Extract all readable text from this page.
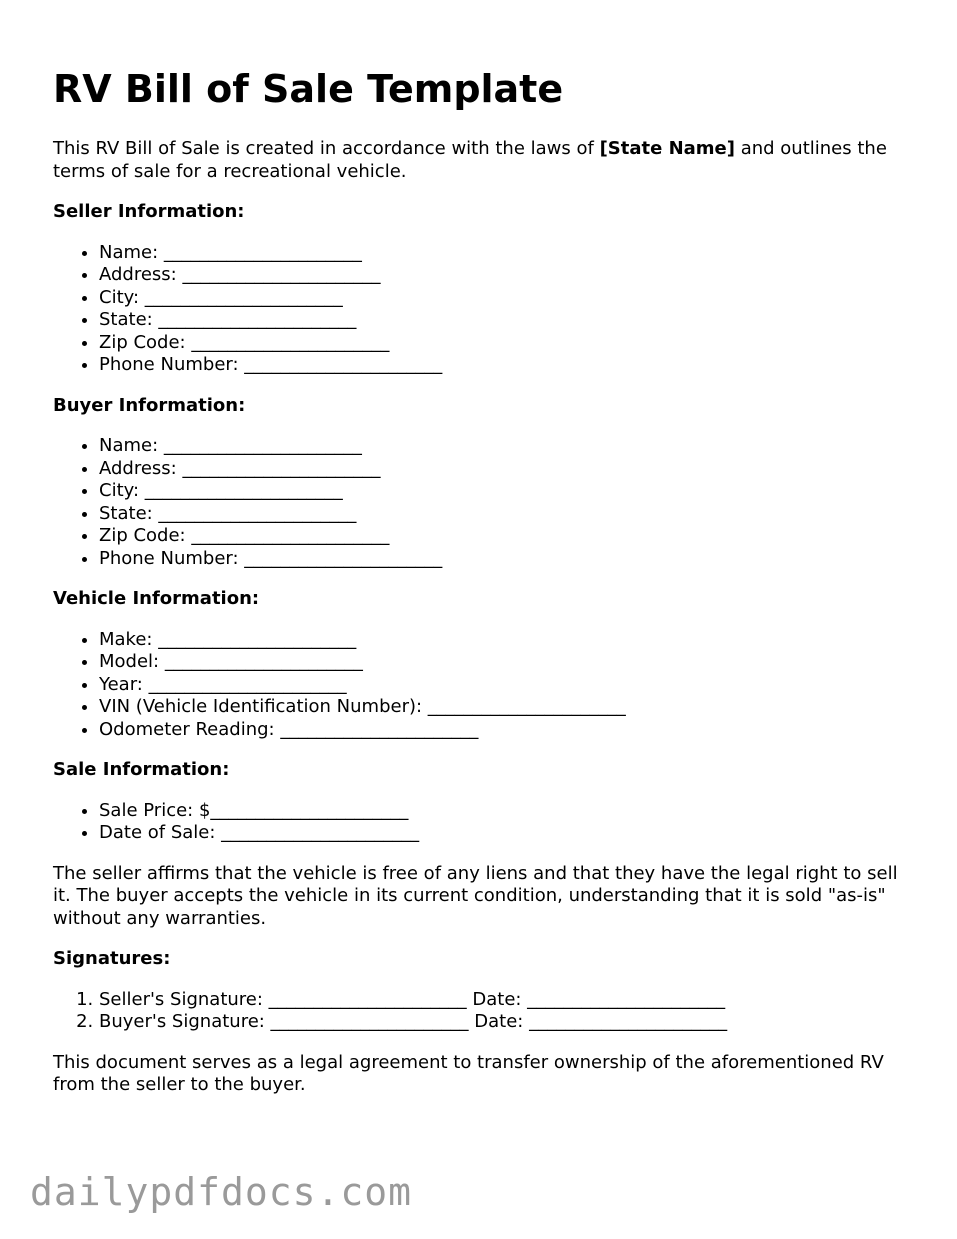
RV Bill of Sale Template

This RV Bill of Sale is created in accordance with the laws of [State Name] and outlines the terms of sale for a recreational vehicle.

Seller Information:
• Name: ______________________
• Address: ______________________
• City: ______________________
• State: ______________________
• Zip Code: ______________________
• Phone Number: ______________________
Buyer Information:
• Name: ______________________
• Address: ______________________
• City: ______________________
• State: ______________________
• Zip Code: ______________________
• Phone Number: ______________________
Vehicle Information:
• Make: ______________________
• Model: ______________________
• Year: ______________________
• VIN (Vehicle Identification Number): ______________________
• Odometer Reading: ______________________
Sale Information:
• Sale Price: $______________________
• Date of Sale: ______________________

The seller affirms that the vehicle is free of any liens and that they have the legal right to sell it. The buyer accepts the vehicle in its current condition, understanding that it is sold "as-is" without any warranties.

Signatures:
1. Seller's Signature: ______________________ Date: ______________________
2. Buyer's Signature: ______________________ Date: ______________________

This document serves as a legal agreement to transfer ownership of the aforementioned RV from the seller to the buyer.

dailypdfdocs.com
